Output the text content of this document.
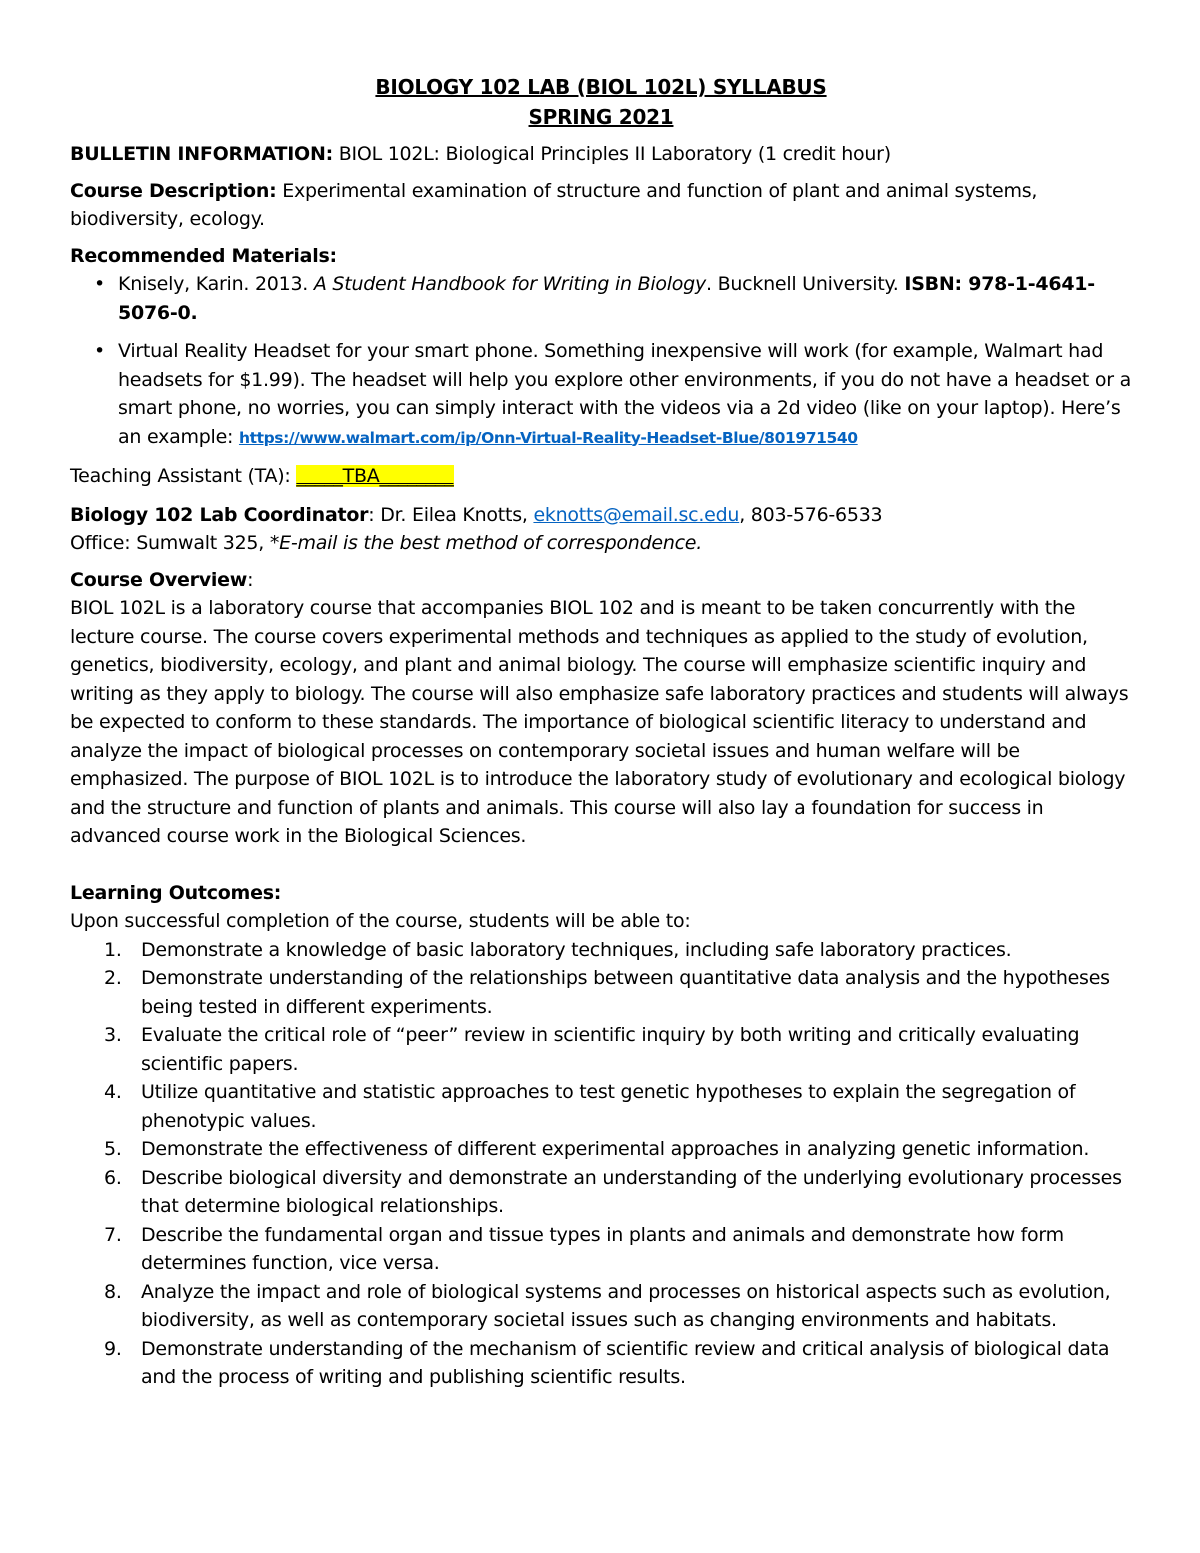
BIOLOGY 102 LAB (BIOL 102L) SYLLABUS
SPRING 2021

BULLETIN INFORMATION: BIOL 102L: Biological Principles II Laboratory (1 credit hour)

Course Description: Experimental examination of structure and function of plant and animal systems, biodiversity, ecology.

Recommended Materials:

• Knisely, Karin. 2013. A Student Handbook for Writing in Biology. Bucknell University. ISBN: 978-1-4641-5076-0.
• Virtual Reality Headset for your smart phone. Something inexpensive will work (for example, Walmart had headsets for $1.99). The headset will help you explore other environments, if you do not have a headset or a smart phone, no worries, you can simply interact with the videos via a 2d video (like on your laptop). Here’s an example: https://www.walmart.com/ip/Onn-Virtual-Reality-Headset-Blue/801971540

Teaching Assistant (TA): _____TBA________

Biology 102 Lab Coordinator: Dr. Eilea Knotts, eknotts@email.sc.edu, 803-576-6533

Office: Sumwalt 325, *E-mail is the best method of correspondence.

Course Overview:

BIOL 102L is a laboratory course that accompanies BIOL 102 and is meant to be taken concurrently with the lecture course. The course covers experimental methods and techniques as applied to the study of evolution, genetics, biodiversity, ecology, and plant and animal biology. The course will emphasize scientific inquiry and writing as they apply to biology. The course will also emphasize safe laboratory practices and students will always be expected to conform to these standards. The importance of biological scientific literacy to understand and analyze the impact of biological processes on contemporary societal issues and human welfare will be emphasized. The purpose of BIOL 102L is to introduce the laboratory study of evolutionary and ecological biology and the structure and function of plants and animals. This course will also lay a foundation for success in advanced course work in the Biological Sciences.

Learning Outcomes:

Upon successful completion of the course, students will be able to:

1. Demonstrate a knowledge of basic laboratory techniques, including safe laboratory practices.
2. Demonstrate understanding of the relationships between quantitative data analysis and the hypotheses being tested in different experiments.
3. Evaluate the critical role of “peer” review in scientific inquiry by both writing and critically evaluating scientific papers.
4. Utilize quantitative and statistic approaches to test genetic hypotheses to explain the segregation of phenotypic values.
5. Demonstrate the effectiveness of different experimental approaches in analyzing genetic information.
6. Describe biological diversity and demonstrate an understanding of the underlying evolutionary processes that determine biological relationships.
7. Describe the fundamental organ and tissue types in plants and animals and demonstrate how form determines function, vice versa.
8. Analyze the impact and role of biological systems and processes on historical aspects such as evolution, biodiversity, as well as contemporary societal issues such as changing environments and habitats.
9. Demonstrate understanding of the mechanism of scientific review and critical analysis of biological data and the process of writing and publishing scientific results.
